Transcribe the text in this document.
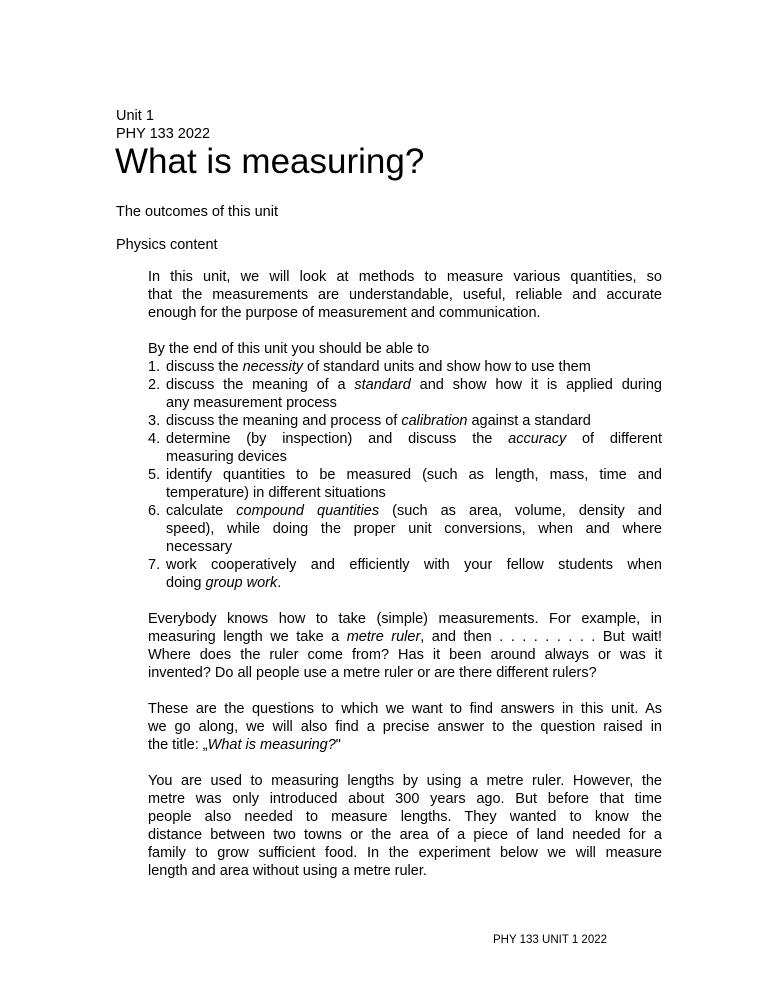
Unit 1
PHY 133 2022
What is measuring?
The outcomes of this unit
Physics content
In this unit, we will look at methods to measure various quantities, so
that the measurements are understandable, useful, reliable and accurate
enough for the purpose of measurement and communication.
By the end of this unit you should be able to
1. discuss the necessity of standard units and show how to use them
2. discuss the meaning of a standard and show how it is applied during
any measurement process
3. discuss the meaning and process of calibration against a standard
4. determine (by inspection) and discuss the accuracy of different
measuring devices
5. identify quantities to be measured (such as length, mass, time and
temperature) in different situations
6. calculate compound quantities (such as area, volume, density and
speed), while doing the proper unit conversions, when and where
necessary
7. work cooperatively and efficiently with your fellow students when
doing group work.
Everybody knows how to take (simple) measurements. For example, in
measuring length we take a metre ruler, and then . . . . . . . . . But wait!
Where does the ruler come from? Has it been around always or was it
invented? Do all people use a metre ruler or are there different rulers?
These are the questions to which we want to find answers in this unit. As
we go along, we will also find a precise answer to the question raised in
the title: „What is measuring?"
You are used to measuring lengths by using a metre ruler. However, the
metre was only introduced about 300 years ago. But before that time
people also needed to measure lengths. They wanted to know the
distance between two towns or the area of a piece of land needed for a
family to grow sufficient food. In the experiment below we will measure
length and area without using a metre ruler.
PHY 133 UNIT 1 2022
